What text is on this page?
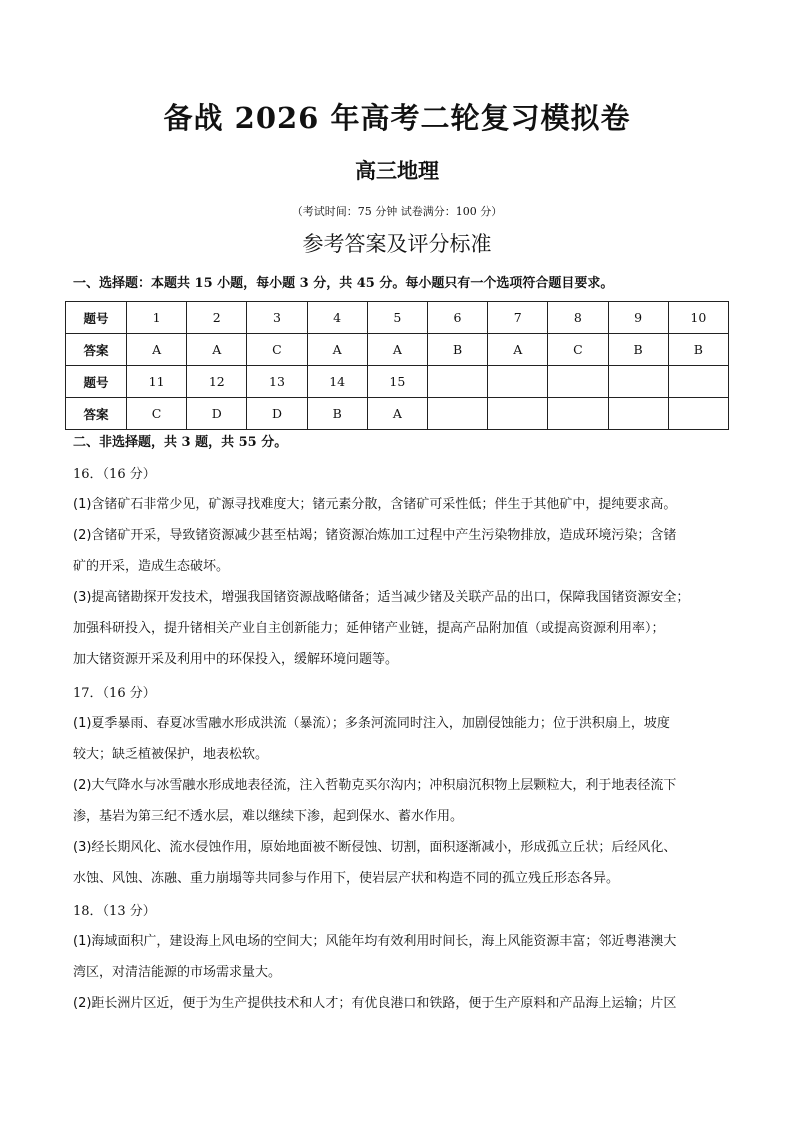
备战 2026 年高考二轮复习模拟卷
高三地理
（考试时间：75 分钟 试卷满分：100 分）
参考答案及评分标准
一、选择题：本题共 15 小题，每小题 3 分，共 45 分。每小题只有一个选项符合题目要求。
题号	1	2	3	4	5	6	7	8	9	10
答案	A	A	C	A	A	B	A	C	B	B
题号	11	12	13	14	15					
答案	C	D	D	B	A					
二、非选择题，共 3 题，共 55 分。
16．（16 分）

(1)含锗矿石非常少见，矿源寻找难度大；锗元素分散，含锗矿可采性低；伴生于其他矿中，提纯要求高。

(2)含锗矿开采，导致锗资源减少甚至枯竭；锗资源冶炼加工过程中产生污染物排放，造成环境污染；含锗

矿的开采，造成生态破坏。

(3)提高锗勘探开发技术，增强我国锗资源战略储备；适当减少锗及关联产品的出口，保障我国锗资源安全；

加强科研投入，提升锗相关产业自主创新能力；延伸锗产业链，提高产品附加值（或提高资源利用率）；

加大锗资源开采及利用中的环保投入，缓解环境问题等。

17．（16 分）

(1)夏季暴雨、春夏冰雪融水形成洪流（暴流）；多条河流同时注入，加剧侵蚀能力；位于洪积扇上，坡度

较大；缺乏植被保护，地表松软。

(2)大气降水与冰雪融水形成地表径流，注入哲勒克买尔沟内；冲积扇沉积物上层颗粒大，利于地表径流下

渗，基岩为第三纪不透水层，难以继续下渗，起到保水、蓄水作用。

(3)经长期风化、流水侵蚀作用，原始地面被不断侵蚀、切割，面积逐渐减小，形成孤立丘状；后经风化、

水蚀、风蚀、冻融、重力崩塌等共同参与作用下，使岩层产状和构造不同的孤立残丘形态各异。

18．（13 分）

(1)海域面积广，建设海上风电场的空间大；风能年均有效利用时间长，海上风能资源丰富；邻近粤港澳大

湾区，对清洁能源的市场需求量大。

(2)距长洲片区近，便于为生产提供技术和人才；有优良港口和铁路，便于生产原料和产品海上运输；片区
